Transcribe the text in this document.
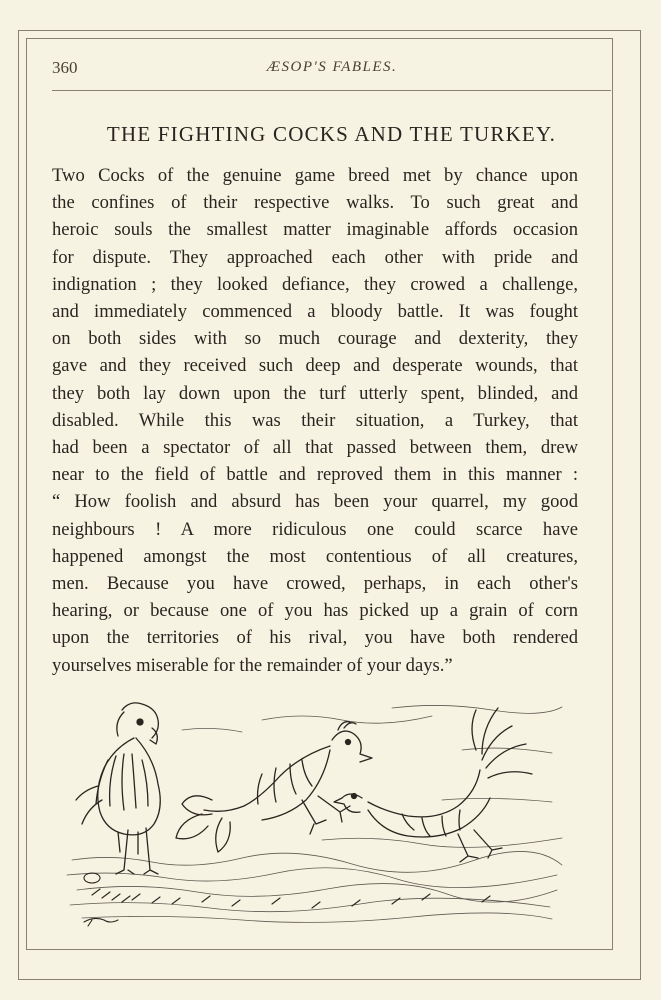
360	ÆSOP'S FABLES.
THE FIGHTING COCKS AND THE TURKEY.
Two Cocks of the genuine game breed met by chance upon
the confines of their respective walks. To such great and
heroic souls the smallest matter imaginable affords occasion
for dispute. They approached each other with pride and
indignation ; they looked defiance, they crowed a challenge,
and immediately commenced a bloody battle. It was fought
on both sides with so much courage and dexterity, they
gave and they received such deep and desperate wounds, that
they both lay down upon the turf utterly spent, blinded, and
disabled. While this was their situation, a Turkey, that
had been a spectator of all that passed between them, drew
near to the field of battle and reproved them in this manner :
“ How foolish and absurd has been your quarrel, my good
neighbours ! A more ridiculous one could scarce have
happened amongst the most contentious of all creatures,
men. Because you have crowed, perhaps, in each other's
hearing, or because one of you has picked up a grain of corn
upon the territories of his rival, you have both rendered
yourselves miserable for the remainder of your days.”
